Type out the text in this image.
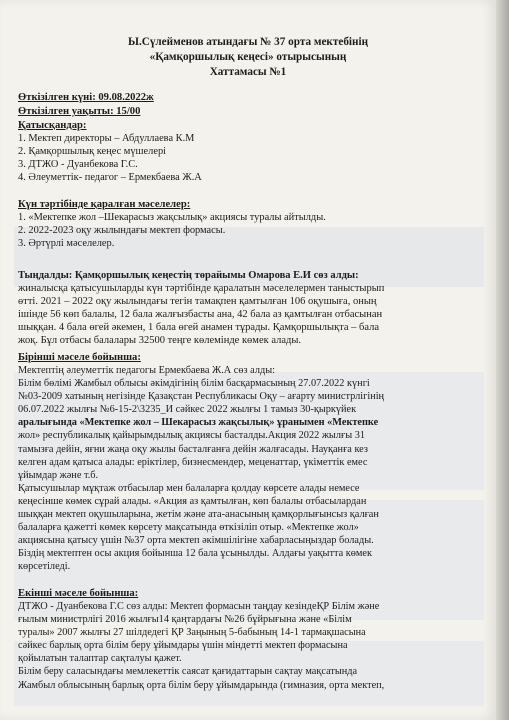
Ы.Сүлейменов атындағы № 37 орта мектебінің
«Қамқоршылық кеңесі» отырысының
Хаттамасы №1
Өткізілген күні: 09.08.2022ж
Өткізілген уақыты: 15/00
Қатысқандар:
1. Мектеп директоры – Абдуллаева К.М
2. Қамқоршылық кеңес мүшелері
3. ДТЖО - Дуанбекова Г.С.
4. Әлеуметтік- педагог – Ермекбаева Ж.А
Күн тәртібінде қаралған мәселелер:
1. «Мектепке жол –Шекарасыз жақсылық» акциясы туралы айтылды.
2. 2022-2023 оқу жылындағы мектеп формасы.
3. Әртүрлі мәселелер.
Тыңдалды: Қамқоршылық кеңестің төрайымы Омарова Е.И сөз алды:
жиналысқа қатысушыларды күн тәртібінде қаралатын мәселелермен таныстырып
өтті. 2021 – 2022 оқу жылындағы тегін тамақпен қамтылған 106 оқушыға, оның
ішінде 56 көп балалы, 12 бала жалғызбасты ана, 42 бала аз қамтылған отбасынан
шыққан. 4 бала өгей әкемен, 1 бала өгей анамен тұрады. Қамқоршылықта – бала
жоқ. Бұл отбасы балалары 32500 теңге көлемінде көмек алады.
Бірінші мәселе бойынша:
Мектептің әлеуметтік педагогы Ермекбаева Ж.А сөз алды:
Білім бөлімі Жамбыл облысы әкімдігінің білім басқармасының 27.07.2022 күнгі
№03-2009 хатының негізінде Қазақстан Республикасы Оқу – ағарту министрлігінің
06.07.2022 жылғы №6-15-2\3235_И сәйкес 2022 жылғы 1 тамыз 30-қыркүйек
аралығында «Мектепке жол – Шекарасыз жақсылық» ұранымен «Мектепке
жол» республикалық қайырымдылық акциясы басталды.Акция 2022 жылғы 31
тамызға дейін, яғни жаңа оқу жылы басталғанға дейін жалғасады. Науқанға кез
келген адам қатыса алады: еріктілер, бизнесмендер, меценаттар, үкіметтік емес
ұйымдар және т.б.
Қатысушылар мұқтаж отбасылар мен балаларға қолдау көрсете алады немесе
кеңесінше көмек сұрай алады. «Акция аз қамтылған, көп балалы отбасылардан
шыққан мектеп оқушыларына, жетім және ата-анасының қамқорлығынсыз қалған
балаларға қажетті көмек көрсету мақсатында өткізіліп отыр. «Мектепке жол»
акциясына қатысу үшін №37 орта мектеп әкімшілігіне хабарласыңыздар болады.
Біздің мектептен осы акция бойынша 12 бала ұсынылды. Алдағы уақытта көмек
көрсетіледі.
Екінші мәселе бойынша:
ДТЖО - Дуанбекова Г.С сөз алды: Мектеп формасын таңдау кезіндеҚР Білім және
ғылым министрлігі 2016 жылғы14 қаңтардағы №26 бұйрығына және «Білім
туралы» 2007 жылғы 27 шілдедегі ҚР Заңының 5-бабының 14-1 тармақшасына
сәйкес барлық орта білім беру ұйымдары үшін міндетті мектеп формасына
қойылатын талаптар сақталуы қажет.
Білім беру саласындағы мемлекеттік саясат қағидаттарын сақтау мақсатында
Жамбыл облысының барлық орта білім беру ұйымдарында (гимназия, орта мектеп,
